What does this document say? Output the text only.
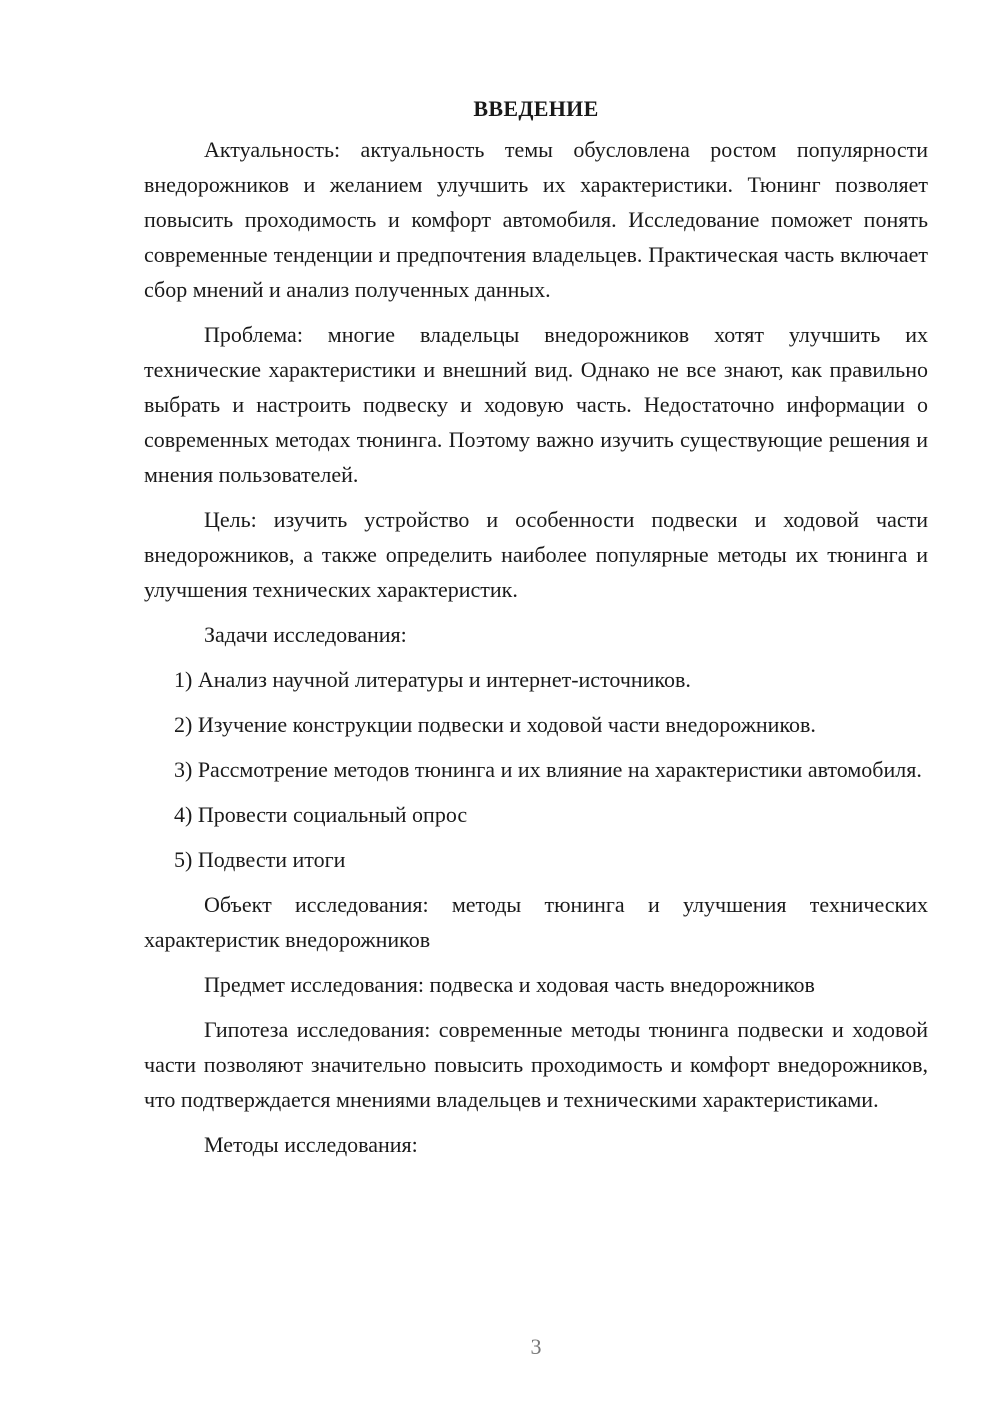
ВВЕДЕНИЕ

Актуальность: актуальность темы обусловлена ростом популярности внедорожников и желанием улучшить их характеристики. Тюнинг позволяет повысить проходимость и комфорт автомобиля. Исследование поможет понять современные тенденции и предпочтения владельцев. Практическая часть включает сбор мнений и анализ полученных данных.

Проблема: многие владельцы внедорожников хотят улучшить их технические характеристики и внешний вид. Однако не все знают, как правильно выбрать и настроить подвеску и ходовую часть. Недостаточно информации о современных методах тюнинга. Поэтому важно изучить существующие решения и мнения пользователей.

Цель: изучить устройство и особенности подвески и ходовой части внедорожников, а также определить наиболее популярные методы их тюнинга и улучшения технических характеристик.

Задачи исследования:

1) Анализ научной литературы и интернет-источников.

2) Изучение конструкции подвески и ходовой части внедорожников.

3) Рассмотрение методов тюнинга и их влияние на характеристики автомобиля.

4) Провести социальный опрос

5) Подвести итоги

Объект исследования: методы тюнинга и улучшения технических характеристик внедорожников

Предмет исследования: подвеска и ходовая часть внедорожников

Гипотеза исследования: современные методы тюнинга подвески и ходовой части позволяют значительно повысить проходимость и комфорт внедорожников, что подтверждается мнениями владельцев и техническими характеристиками.

Методы исследования:

3
